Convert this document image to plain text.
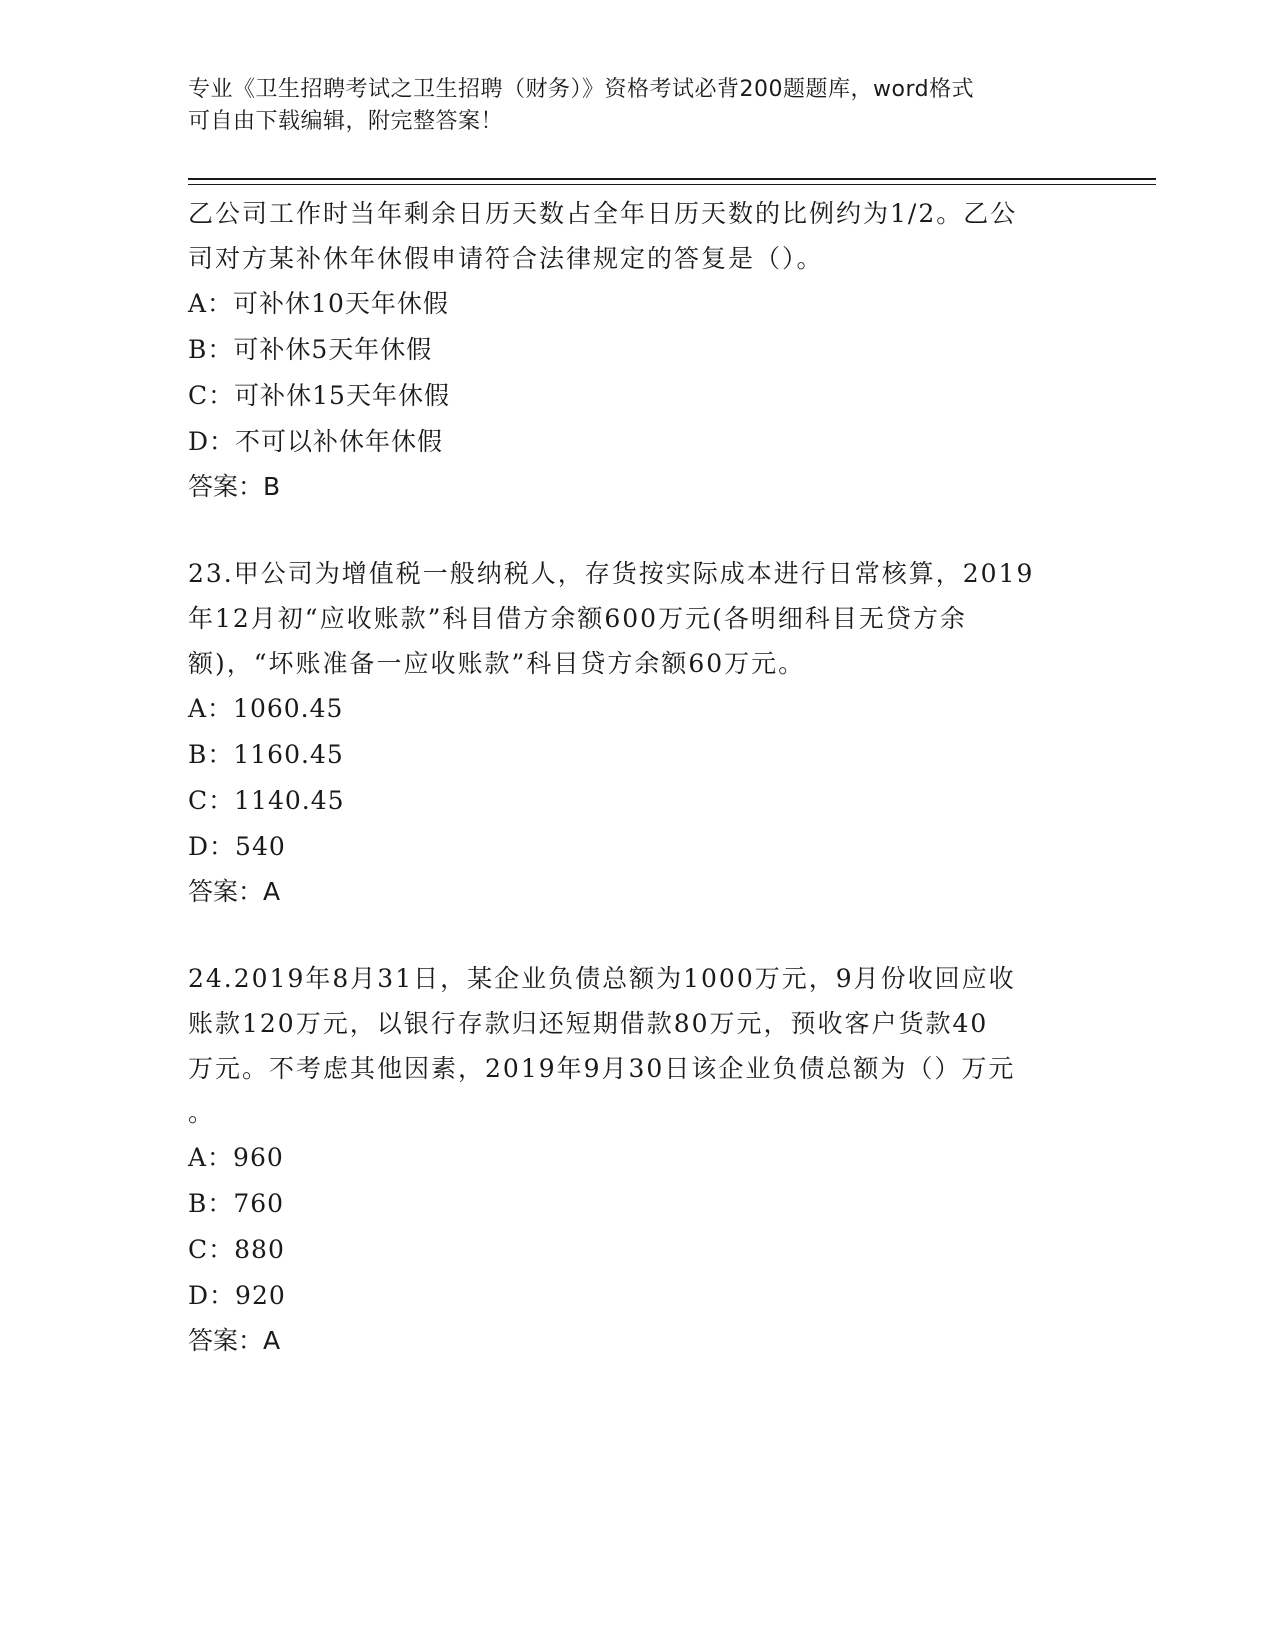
专业《卫生招聘考试之卫生招聘（财务）》资格考试必背200题题库，word格式
可自由下载编辑，附完整答案！
乙公司工作时当年剩余日历天数占全年日历天数的比例约为1/2。乙公
司对方某补休年休假申请符合法律规定的答复是（）。
A：可补休10天年休假
B：可补休5天年休假
C：可补休15天年休假
D：不可以补休年休假
答案：B
23.甲公司为增值税一般纳税人，存货按实际成本进行日常核算，2019
年12月初“应收账款”科目借方余额600万元(各明细科目无贷方余
额)，“坏账准备一应收账款”科目贷方余额60万元。
A：1060.45
B：1160.45
C：1140.45
D：540
答案：A
24.2019年8月31日，某企业负债总额为1000万元，9月份收回应收
账款120万元，以银行存款归还短期借款80万元，预收客户货款40
万元。不考虑其他因素，2019年9月30日该企业负债总额为（）万元
。
A：960
B：760
C：880
D：920
答案：A
